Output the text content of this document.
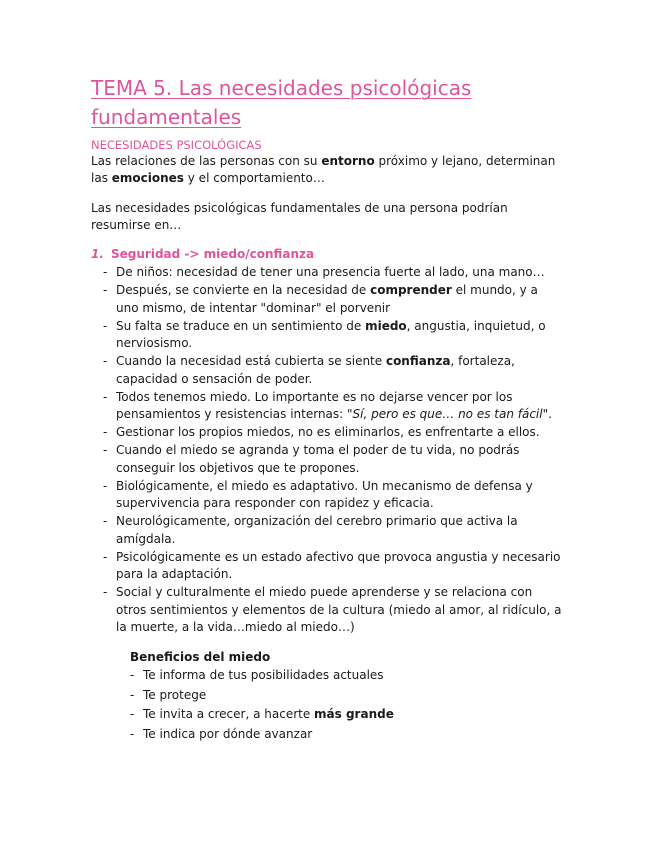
TEMA 5. Las necesidades psicológicas fundamentales
NECESIDADES PSICOLÓGICAS

Las relaciones de las personas con su entorno próximo y lejano, determinan las emociones y el comportamiento…

Las necesidades psicológicas fundamentales de una persona podrían resumirse en…

1. Seguridad -> miedo/confianza

- De niños: necesidad de tener una presencia fuerte al lado, una mano…
- Después, se convierte en la necesidad de comprender el mundo, y a uno mismo, de intentar "dominar" el porvenir
- Su falta se traduce en un sentimiento de miedo, angustia, inquietud, o nerviosismo.
- Cuando la necesidad está cubierta se siente confianza, fortaleza, capacidad o sensación de poder.
- Todos tenemos miedo. Lo importante es no dejarse vencer por los pensamientos y resistencias internas: "Sí, pero es que… no es tan fácil".
- Gestionar los propios miedos, no es eliminarlos, es enfrentarte a ellos.
- Cuando el miedo se agranda y toma el poder de tu vida, no podrás conseguir los objetivos que te propones.
- Biológicamente, el miedo es adaptativo. Un mecanismo de defensa y supervivencia para responder con rapidez y eficacia.
- Neurológicamente, organización del cerebro primario que activa la amígdala.
- Psicológicamente es un estado afectivo que provoca angustia y necesario para la adaptación.
- Social y culturalmente el miedo puede aprenderse y se relaciona con otros sentimientos y elementos de la cultura (miedo al amor, al ridículo, a la muerte, a la vida…miedo al miedo…)

Beneficios del miedo

- Te informa de tus posibilidades actuales
- Te protege
- Te invita a crecer, a hacerte más grande
- Te indica por dónde avanzar
